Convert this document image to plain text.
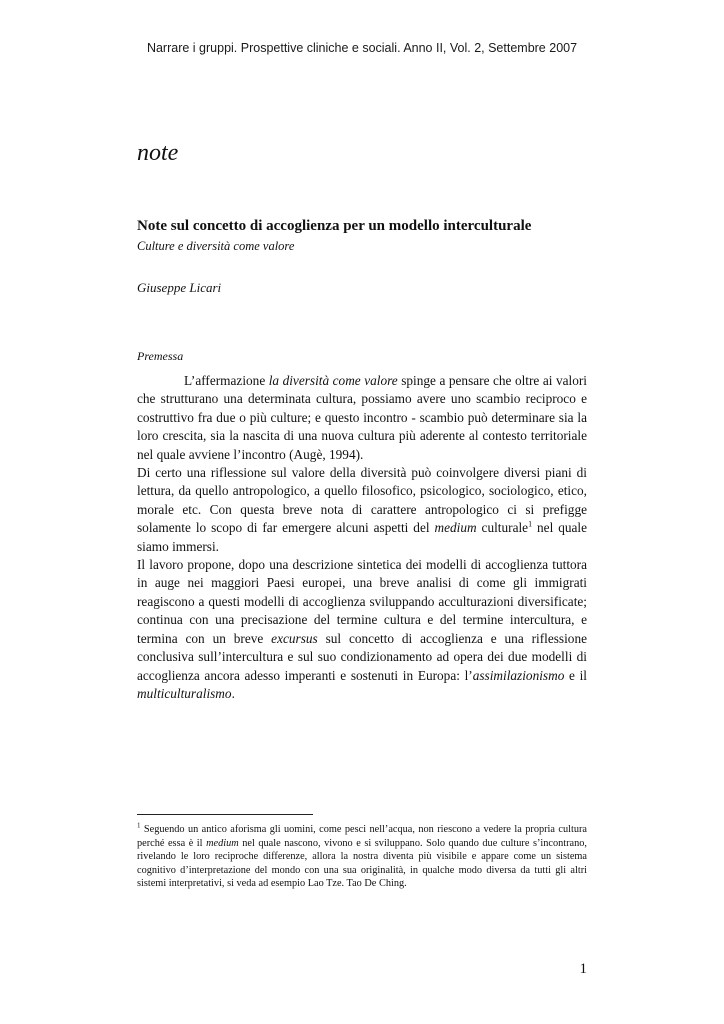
Narrare i gruppi. Prospettive cliniche e sociali. Anno II, Vol. 2, Settembre 2007
note
Note sul concetto di accoglienza per un modello interculturale
Culture e diversità come valore
Giuseppe Licari
Premessa

L’affermazione la diversità come valore spinge a pensare che oltre ai valori che strutturano una determinata cultura, possiamo avere uno scambio reciproco e costruttivo fra due o più culture; e questo incontro - scambio può determinare sia la loro crescita, sia la nascita di una nuova cultura più aderente al contesto territoriale nel quale avviene l’incontro (Augè, 1994).

Di certo una riflessione sul valore della diversità può coinvolgere diversi piani di lettura, da quello antropologico, a quello filosofico, psicologico, sociologico, etico, morale etc. Con questa breve nota di carattere antropologico ci si prefigge solamente lo scopo di far emergere alcuni aspetti del medium culturale$^1$ nel quale siamo immersi.

Il lavoro propone, dopo una descrizione sintetica dei modelli di accoglienza tuttora in auge nei maggiori Paesi europei, una breve analisi di come gli immigrati reagiscono a questi modelli di accoglienza sviluppando acculturazioni diversificate; continua con una precisazione del termine cultura e del termine intercultura, e termina con un breve excursus sul concetto di accoglienza e una riflessione conclusiva sull’intercultura e sul suo condizionamento ad opera dei due modelli di accoglienza ancora adesso imperanti e sostenuti in Europa: l’assimilazionismo e il multiculturalismo.

$^1$ Seguendo un antico aforisma gli uomini, come pesci nell’acqua, non riescono a vedere la propria cultura perché essa è il medium nel quale nascono, vivono e si sviluppano. Solo quando due culture s’incontrano, rivelando le loro reciproche differenze, allora la nostra diventa più visibile e appare come un sistema cognitivo d’interpretazione del mondo con una sua originalità, in qualche modo diversa da tutti gli altri sistemi interpretativi, si veda ad esempio Lao Tze. Tao De Ching.
1
